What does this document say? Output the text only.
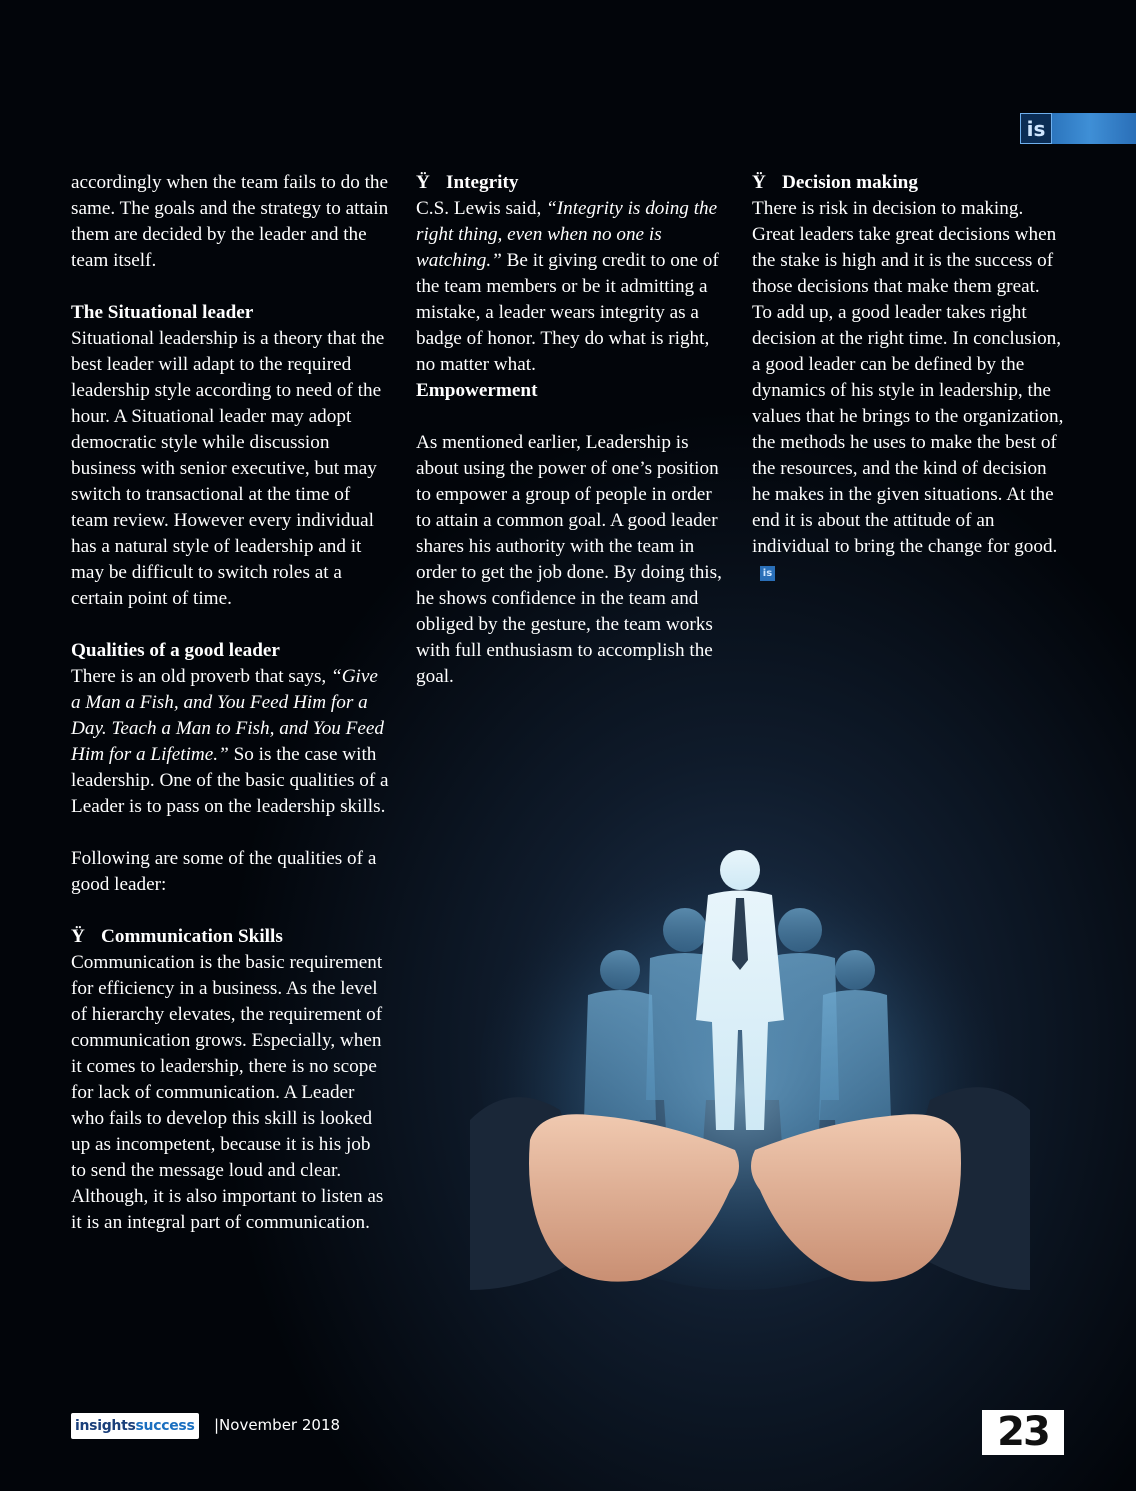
is

accordingly when the team fails to do the same. The goals and the strategy to attain them are decided by the leader and the team itself.

The Situational leader

Situational leadership is a theory that the best leader will adapt to the required leadership style according to need of the hour. A Situational leader may adopt democratic style while discussion business with senior executive, but may switch to transactional at the time of team review. However every individual has a natural style of leadership and it may be difficult to switch roles at a certain point of time.

Qualities of a good leader

There is an old proverb that says, “Give a Man a Fish, and You Feed Him for a Day. Teach a Man to Fish, and You Feed Him for a Lifetime.” So is the case with leadership. One of the basic qualities of a Leader is to pass on the leadership skills.

Following are some of the qualities of a good leader:

Ÿ Communication Skills

Communication is the basic requirement for efficiency in a business. As the level of hierarchy elevates, the requirement of communication grows. Especially, when it comes to leadership, there is no scope for lack of communication. A Leader who fails to develop this skill is looked up as incompetent, because it is his job to send the message loud and clear. Although, it is also important to listen as it is an integral part of communication.

Ÿ Integrity

C.S. Lewis said, “Integrity is doing the right thing, even when no one is watching.” Be it giving credit to one of the team members or be it admitting a mistake, a leader wears integrity as a badge of honor. They do what is right, no matter what.

Empowerment

As mentioned earlier, Leadership is about using the power of one’s position to empower a group of people in order to attain a common goal. A good leader shares his authority with the team in order to get the job done. By doing this, he shows confidence in the team and obliged by the gesture, the team works with full enthusiasm to accomplish the goal.

Ÿ Decision making

There is risk in decision to making. Great leaders take great decisions when the stake is high and it is the success of those decisions that make them great. To add up, a good leader takes right decision at the right time. In conclusion, a good leader can be defined by the dynamics of his style in leadership, the values that he brings to the organization, the methods he uses to make the best of the resources, and the kind of decision he makes in the given situations. At the end it is about the attitude of an individual to bring the change for good.is

insights success |November 2018	23
